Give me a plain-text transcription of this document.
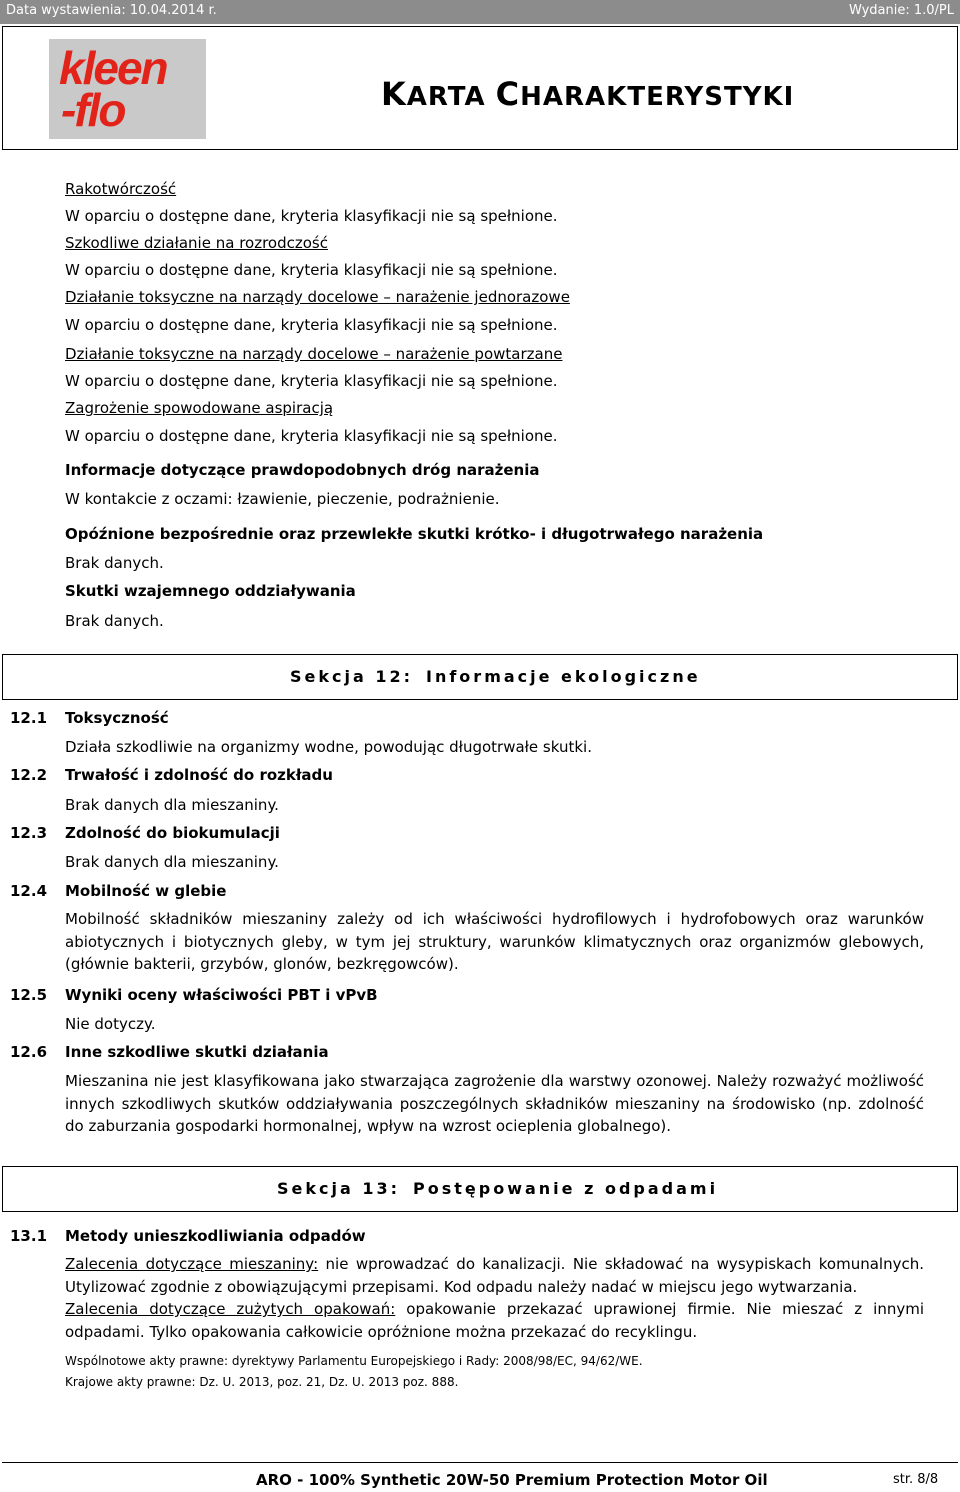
Data wystawienia: 10.04.2014 r.	Wydanie: 1.0/PL
kleen
-flo	KARTA CHARAKTERYSTYKI
Rakotwórczość
W oparciu o dostępne dane, kryteria klasyfikacji nie są spełnione.
Szkodliwe działanie na rozrodczość
W oparciu o dostępne dane, kryteria klasyfikacji nie są spełnione.
Działanie toksyczne na narządy docelowe – narażenie jednorazowe
W oparciu o dostępne dane, kryteria klasyfikacji nie są spełnione.
Działanie toksyczne na narządy docelowe – narażenie powtarzane
W oparciu o dostępne dane, kryteria klasyfikacji nie są spełnione.
Zagrożenie spowodowane aspiracją
W oparciu o dostępne dane, kryteria klasyfikacji nie są spełnione.
Informacje dotyczące prawdopodobnych dróg narażenia
W kontakcie z oczami: łzawienie, pieczenie, podrażnienie.
Opóźnione bezpośrednie oraz przewlekłe skutki krótko- i długotrwałego narażenia
Brak danych.
Skutki wzajemnego oddziaływania
Brak danych.
Sekcja 12: Informacje ekologiczne
12.1 Toksyczność
Działa szkodliwie na organizmy wodne, powodując długotrwałe skutki.
12.2 Trwałość i zdolność do rozkładu
Brak danych dla mieszaniny.
12.3 Zdolność do biokumulacji
Brak danych dla mieszaniny.
12.4 Mobilność w glebie
Mobilność składników mieszaniny zależy od ich właściwości hydrofilowych i hydrofobowych oraz warunków abiotycznych i biotycznych gleby, w tym jej struktury, warunków klimatycznych oraz organizmów glebowych, (głównie bakterii, grzybów, glonów, bezkręgowców).
12.5 Wyniki oceny właściwości PBT i vPvB
Nie dotyczy.
12.6 Inne szkodliwe skutki działania
Mieszanina nie jest klasyfikowana jako stwarzająca zagrożenie dla warstwy ozonowej. Należy rozważyć możliwość innych szkodliwych skutków oddziaływania poszczególnych składników mieszaniny na środowisko (np. zdolność do zaburzania gospodarki hormonalnej, wpływ na wzrost ocieplenia globalnego).
Sekcja 13: Postępowanie z odpadami
13.1 Metody unieszkodliwiania odpadów
Zalecenia dotyczące mieszaniny: nie wprowadzać do kanalizacji. Nie składować na wysypiskach komunalnych. Utylizować zgodnie z obowiązującymi przepisami. Kod odpadu należy nadać w miejscu jego wytwarzania.
Zalecenia dotyczące zużytych opakowań: opakowanie przekazać uprawionej firmie. Nie mieszać z innymi odpadami. Tylko opakowania całkowicie opróżnione można przekazać do recyklingu.
Wspólnotowe akty prawne: dyrektywy Parlamentu Europejskiego i Rady: 2008/98/EC, 94/62/WE.
Krajowe akty prawne: Dz. U. 2013, poz. 21, Dz. U. 2013 poz. 888.
ARO - 100% Synthetic 20W-50 Premium Protection Motor Oil	str. 8/8
